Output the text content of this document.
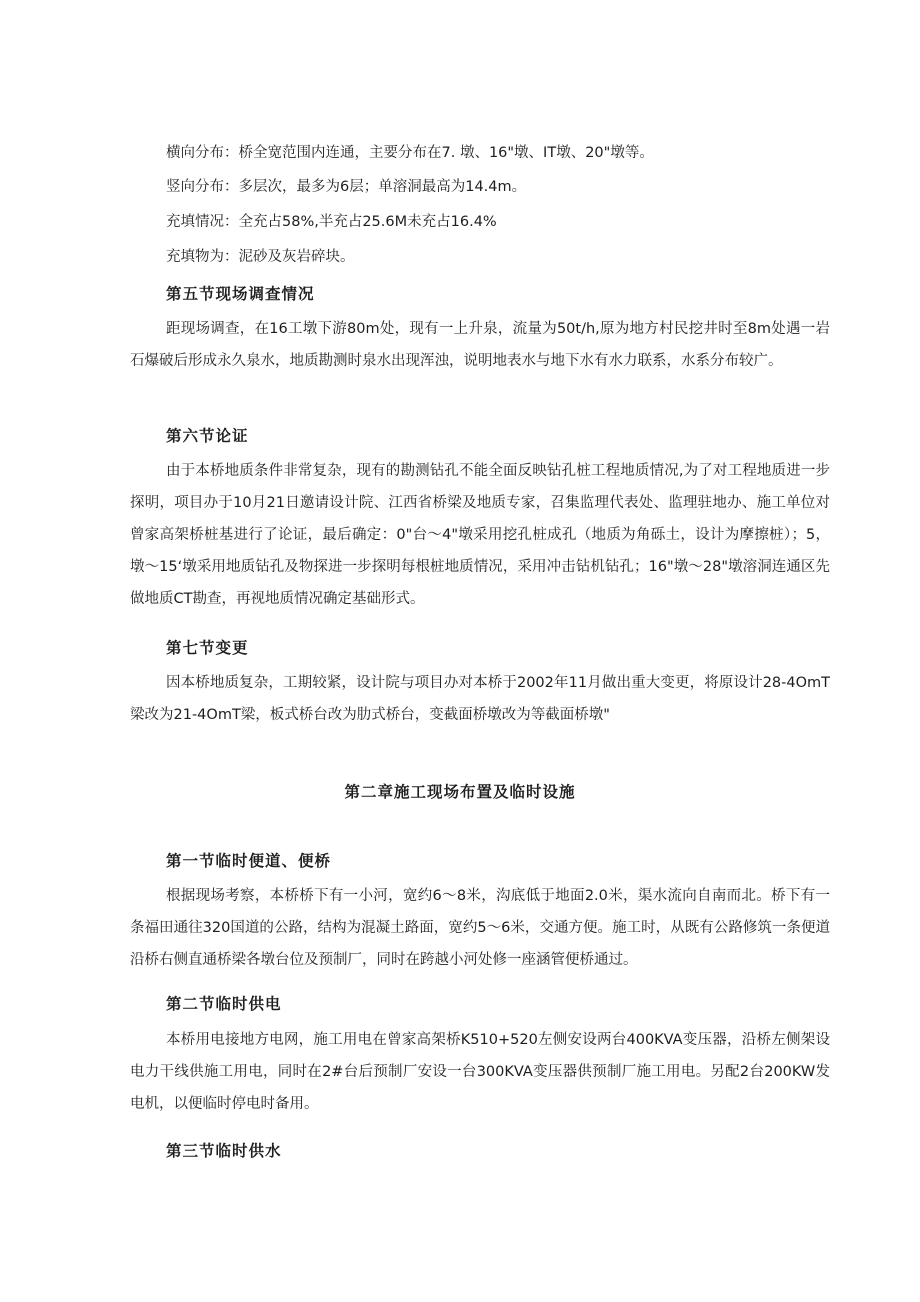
横向分布：桥全宽范围内连通，主要分布在7. 墩、16"墩、IT墩、20"墩等。

竖向分布：多层次，最多为6层；单溶洞最高为14.4m。

充填情况：全充占58%,半充占25.6M未充占16.4%

充填物为：泥砂及灰岩碎块。

第五节现场调查情况

距现场调查，在16工墩下游80m处，现有一上升泉，流量为50t/h,原为地方村民挖井时至8m处遇一岩石爆破后形成永久泉水，地质勘测时泉水出现浑浊，说明地表水与地下水有水力联系，水系分布较广。

第六节论证

由于本桥地质条件非常复杂，现有的勘测钻孔不能全面反映钻孔桩工程地质情况,为了对工程地质进一步探明，项目办于10月21日邀请设计院、江西省桥梁及地质专家，召集监理代表处、监理驻地办、施工单位对曾家高架桥桩基进行了论证，最后确定：0"台～4"墩采用挖孔桩成孔（地质为角砾土，设计为摩擦桩）；5，墩～15‘墩采用地质钻孔及物探进一步探明每根桩地质情况，采用冲击钻机钻孔；16"墩～28"墩溶洞连通区先做地质CT勘查，再视地质情况确定基础形式。

第七节变更

因本桥地质复杂，工期较紧，设计院与项目办对本桥于2002年11月做出重大变更，将原设计28-4OmT梁改为21-4OmT梁，板式桥台改为肋式桥台，变截面桥墩改为等截面桥墩"

第二章施工现场布置及临时设施
第一节临时便道、便桥

根据现场考察，本桥桥下有一小河，宽约6～8米，沟底低于地面2.0米，渠水流向自南而北。桥下有一条福田通往320国道的公路，结构为混凝土路面，宽约5～6米，交通方便。施工时，从既有公路修筑一条便道沿桥右侧直通桥梁各墩台位及预制厂，同时在跨越小河处修一座涵管便桥通过。

第二节临时供电

本桥用电接地方电网，施工用电在曾家高架桥K510+520左侧安设两台400KVA变压器，沿桥左侧架设电力干线供施工用电，同时在2#台后预制厂安设一台300KVA变压器供预制厂施工用电。另配2台200KW发电机，以便临时停电时备用。

第三节临时供水
